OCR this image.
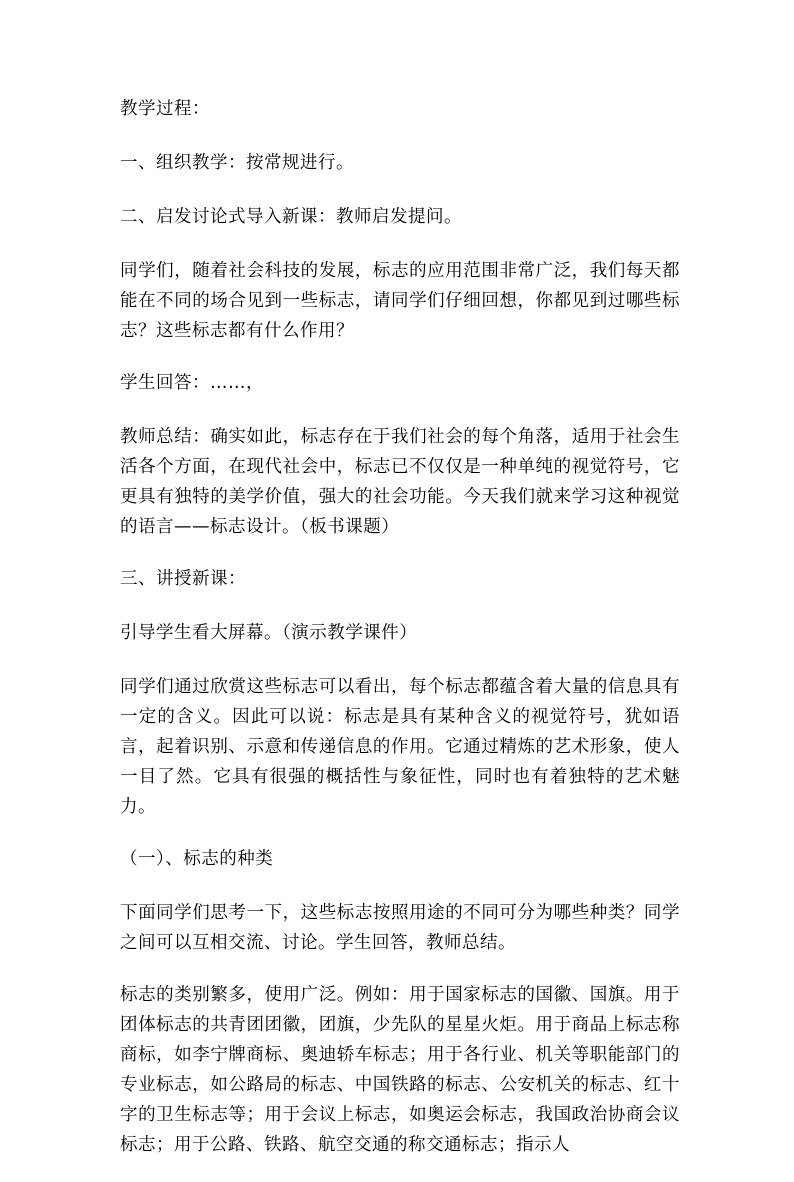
教学过程：

一、组织教学：按常规进行。

二、启发讨论式导入新课：教师启发提问。

同学们，随着社会科技的发展，标志的应用范围非常广泛，我们每天都能在不同的场合见到一些标志，请同学们仔细回想，你都见到过哪些标志？这些标志都有什么作用？

学生回答：……，

教师总结：确实如此，标志存在于我们社会的每个角落，适用于社会生活各个方面，在现代社会中，标志已不仅仅是一种单纯的视觉符号，它更具有独特的美学价值，强大的社会功能。今天我们就来学习这种视觉的语言——标志设计。（板书课题）

三、讲授新课：

引导学生看大屏幕。（演示教学课件）

同学们通过欣赏这些标志可以看出，每个标志都蕴含着大量的信息具有一定的含义。因此可以说：标志是具有某种含义的视觉符号，犹如语言，起着识别、示意和传递信息的作用。它通过精炼的艺术形象，使人一目了然。它具有很强的概括性与象征性，同时也有着独特的艺术魅力。

（一）、标志的种类

下面同学们思考一下，这些标志按照用途的不同可分为哪些种类？同学之间可以互相交流、讨论。学生回答，教师总结。

标志的类别繁多，使用广泛。例如：用于国家标志的国徽、国旗。用于团体标志的共青团团徽，团旗，少先队的星星火炬。用于商品上标志称商标，如李宁牌商标、奥迪轿车标志；用于各行业、机关等职能部门的专业标志，如公路局的标志、中国铁路的标志、公安机关的标志、红十字的卫生标志等；用于会议上标志，如奥运会标志，我国政治协商会议标志；用于公路、铁路、航空交通的称交通标志；指示人
